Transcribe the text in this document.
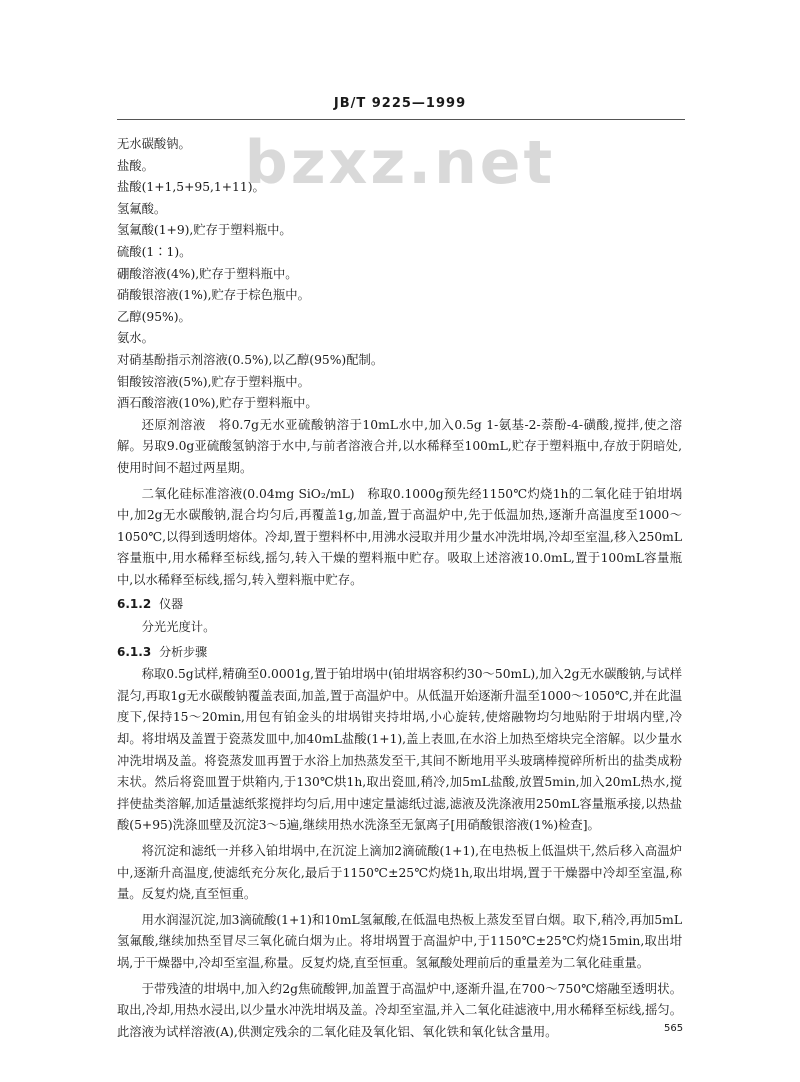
JB/T 9225—1999
bzxz.net

无水碳酸钠。

盐酸。

盐酸(1+1,5+95,1+11)。

氢氟酸。

氢氟酸(1+9),贮存于塑料瓶中。

硫酸(1∶1)。

硼酸溶液(4%),贮存于塑料瓶中。

硝酸银溶液(1%),贮存于棕色瓶中。

乙醇(95%)。

氨水。

对硝基酚指示剂溶液(0.5%),以乙醇(95%)配制。

钼酸铵溶液(5%),贮存于塑料瓶中。

酒石酸溶液(10%),贮存于塑料瓶中。

还原剂溶液　将0.7g无水亚硫酸钠溶于10mL水中,加入0.5g 1-氨基-2-萘酚-4-磺酸,搅拌,使之溶解。另取9.0g亚硫酸氢钠溶于水中,与前者溶液合并,以水稀释至100mL,贮存于塑料瓶中,存放于阴暗处,使用时间不超过两星期。

二氧化硅标准溶液(0.04mg SiO₂/mL)　称取0.1000g预先经1150℃灼烧1h的二氧化硅于铂坩埚中,加2g无水碳酸钠,混合均匀后,再覆盖1g,加盖,置于高温炉中,先于低温加热,逐渐升高温度至1000～1050℃,以得到透明熔体。冷却,置于塑料杯中,用沸水浸取并用少量水冲洗坩埚,冷却至室温,移入250mL容量瓶中,用水稀释至标线,摇匀,转入干燥的塑料瓶中贮存。吸取上述溶液10.0mL,置于100mL容量瓶中,以水稀释至标线,摇匀,转入塑料瓶中贮存。

6.1.2 仪器

分光光度计。

6.1.3 分析步骤

称取0.5g试样,精确至0.0001g,置于铂坩埚中(铂坩埚容积约30～50mL),加入2g无水碳酸钠,与试样混匀,再取1g无水碳酸钠覆盖表面,加盖,置于高温炉中。从低温开始逐渐升温至1000～1050℃,并在此温度下,保持15～20min,用包有铂金头的坩埚钳夹持坩埚,小心旋转,使熔融物均匀地贴附于坩埚内壁,冷却。将坩埚及盖置于瓷蒸发皿中,加40mL盐酸(1+1),盖上表皿,在水浴上加热至熔块完全溶解。以少量水冲洗坩埚及盖。将瓷蒸发皿再置于水浴上加热蒸发至干,其间不断地用平头玻璃棒搅碎所析出的盐类成粉末状。然后将瓷皿置于烘箱内,于130℃烘1h,取出瓷皿,稍冷,加5mL盐酸,放置5min,加入20mL热水,搅拌使盐类溶解,加适量滤纸浆搅拌均匀后,用中速定量滤纸过滤,滤液及洗涤液用250mL容量瓶承接,以热盐酸(5+95)洗涤皿壁及沉淀3～5遍,继续用热水洗涤至无氯离子[用硝酸银溶液(1%)检查]。

将沉淀和滤纸一并移入铂坩埚中,在沉淀上滴加2滴硫酸(1+1),在电热板上低温烘干,然后移入高温炉中,逐渐升高温度,使滤纸充分灰化,最后于1150℃±25℃灼烧1h,取出坩埚,置于干燥器中冷却至室温,称量。反复灼烧,直至恒重。

用水润湿沉淀,加3滴硫酸(1+1)和10mL氢氟酸,在低温电热板上蒸发至冒白烟。取下,稍冷,再加5mL氢氟酸,继续加热至冒尽三氧化硫白烟为止。将坩埚置于高温炉中,于1150℃±25℃灼烧15min,取出坩埚,于干燥器中,冷却至室温,称量。反复灼烧,直至恒重。氢氟酸处理前后的重量差为二氧化硅重量。

于带残渣的坩埚中,加入约2g焦硫酸钾,加盖置于高温炉中,逐渐升温,在700～750℃熔融至透明状。取出,冷却,用热水浸出,以少量水冲洗坩埚及盖。冷却至室温,并入二氧化硅滤液中,用水稀释至标线,摇匀。此溶液为试样溶液(A),供测定残余的二氧化硅及氧化铝、氧化铁和氧化钛含量用。	565
